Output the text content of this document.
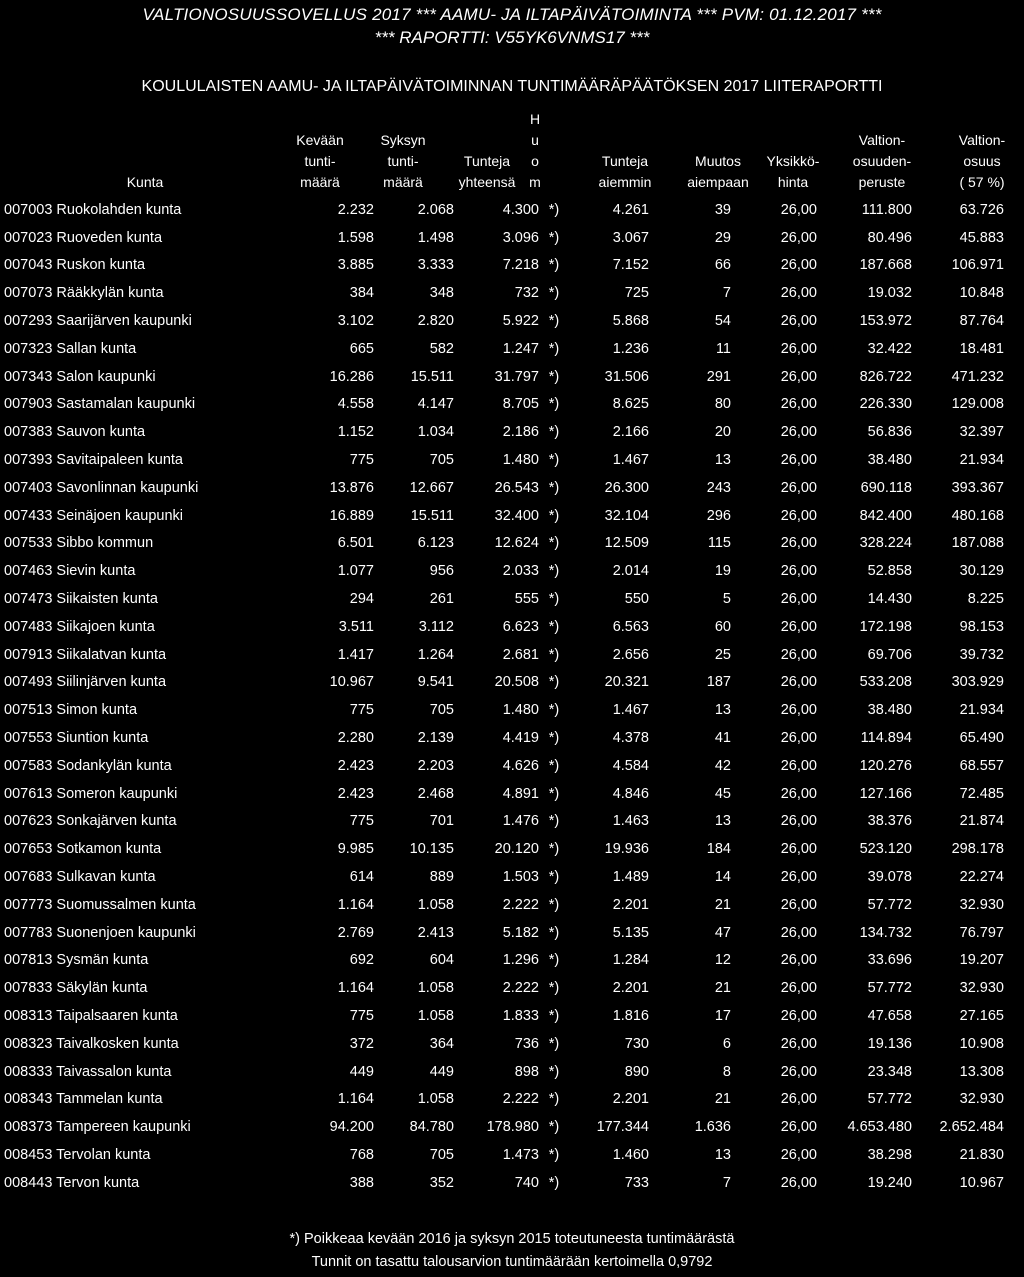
VALTIONOSUUSSOVELLUS 2017 *** AAMU- JA ILTAPÄIVÄTOIMINTA *** PVM: 01.12.2017 ***
*** RAPORTTI: V55YK6VNMS17 ***
KOULULAISTEN AAMU- JA ILTAPÄIVÄTOIMINNAN TUNTIMÄÄRÄPÄÄTÖKSEN 2017 LIITERAPORTTI
Kunta
Kevään
tunti-
määrä
Syksyn
tunti-
määrä
Tunteja
yhteensä
H
u
o
m
Tunteja
aiemmin
Muutos
aiempaan
Yksikkö-
hinta
Valtion-
osuuden-
peruste
Valtion-
osuus
( 57 %)
007003 Ruokolahden kunta	2.232	2.068	4.300	*)	4.261	39	26,00	111.800	63.726
007023 Ruoveden kunta	1.598	1.498	3.096	*)	3.067	29	26,00	80.496	45.883
007043 Ruskon kunta	3.885	3.333	7.218	*)	7.152	66	26,00	187.668	106.971
007073 Rääkkylän kunta	384	348	732	*)	725	7	26,00	19.032	10.848
007293 Saarijärven kaupunki	3.102	2.820	5.922	*)	5.868	54	26,00	153.972	87.764
007323 Sallan kunta	665	582	1.247	*)	1.236	11	26,00	32.422	18.481
007343 Salon kaupunki	16.286	15.511	31.797	*)	31.506	291	26,00	826.722	471.232
007903 Sastamalan kaupunki	4.558	4.147	8.705	*)	8.625	80	26,00	226.330	129.008
007383 Sauvon kunta	1.152	1.034	2.186	*)	2.166	20	26,00	56.836	32.397
007393 Savitaipaleen kunta	775	705	1.480	*)	1.467	13	26,00	38.480	21.934
007403 Savonlinnan kaupunki	13.876	12.667	26.543	*)	26.300	243	26,00	690.118	393.367
007433 Seinäjoen kaupunki	16.889	15.511	32.400	*)	32.104	296	26,00	842.400	480.168
007533 Sibbo kommun	6.501	6.123	12.624	*)	12.509	115	26,00	328.224	187.088
007463 Sievin kunta	1.077	956	2.033	*)	2.014	19	26,00	52.858	30.129
007473 Siikaisten kunta	294	261	555	*)	550	5	26,00	14.430	8.225
007483 Siikajoen kunta	3.511	3.112	6.623	*)	6.563	60	26,00	172.198	98.153
007913 Siikalatvan kunta	1.417	1.264	2.681	*)	2.656	25	26,00	69.706	39.732
007493 Siilinjärven kunta	10.967	9.541	20.508	*)	20.321	187	26,00	533.208	303.929
007513 Simon kunta	775	705	1.480	*)	1.467	13	26,00	38.480	21.934
007553 Siuntion kunta	2.280	2.139	4.419	*)	4.378	41	26,00	114.894	65.490
007583 Sodankylän kunta	2.423	2.203	4.626	*)	4.584	42	26,00	120.276	68.557
007613 Someron kaupunki	2.423	2.468	4.891	*)	4.846	45	26,00	127.166	72.485
007623 Sonkajärven kunta	775	701	1.476	*)	1.463	13	26,00	38.376	21.874
007653 Sotkamon kunta	9.985	10.135	20.120	*)	19.936	184	26,00	523.120	298.178
007683 Sulkavan kunta	614	889	1.503	*)	1.489	14	26,00	39.078	22.274
007773 Suomussalmen kunta	1.164	1.058	2.222	*)	2.201	21	26,00	57.772	32.930
007783 Suonenjoen kaupunki	2.769	2.413	5.182	*)	5.135	47	26,00	134.732	76.797
007813 Sysmän kunta	692	604	1.296	*)	1.284	12	26,00	33.696	19.207
007833 Säkylän kunta	1.164	1.058	2.222	*)	2.201	21	26,00	57.772	32.930
008313 Taipalsaaren kunta	775	1.058	1.833	*)	1.816	17	26,00	47.658	27.165
008323 Taivalkosken kunta	372	364	736	*)	730	6	26,00	19.136	10.908
008333 Taivassalon kunta	449	449	898	*)	890	8	26,00	23.348	13.308
008343 Tammelan kunta	1.164	1.058	2.222	*)	2.201	21	26,00	57.772	32.930
008373 Tampereen kaupunki	94.200	84.780	178.980	*)	177.344	1.636	26,00	4.653.480	2.652.484
008453 Tervolan kunta	768	705	1.473	*)	1.460	13	26,00	38.298	21.830
008443 Tervon kunta	388	352	740	*)	733	7	26,00	19.240	10.967
*) Poikkeaa kevään 2016 ja syksyn 2015 toteutuneesta tuntimäärästä
Tunnit on tasattu talousarvion tuntimäärään kertoimella 0,9792
